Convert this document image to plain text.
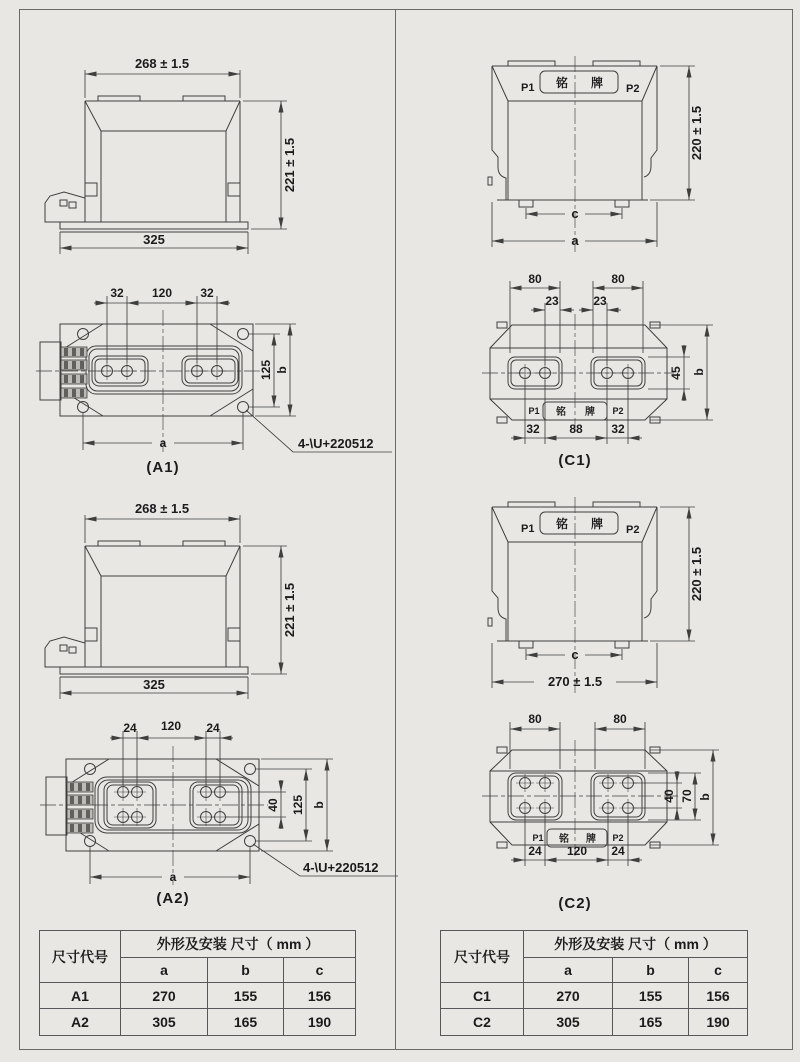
268 ± 1.5
221 ± 1.5
325
32 120 32
125 b
a	4-\U+220512
(A1)
268 ± 1.5
221 ± 1.5
325
24 120 24
40 125 b
a
4-\U+220512
(A2)
P1	P2
铭 牌
c
a
220 ± 1.5
铭 牌
P1	P2
80	80
23	23
45 b
32 88 32
(C1)
P1	P2
铭 牌
c
270 ± 1.5
220 ± 1.5
铭 牌
P1	P2
80	80
40 70 b
24 120 24
(C2)
尺寸代号	外形及安装 尺寸（ mm ）		
	a	b	c
A1	270	155	156
A2	305	165	190
尺寸代号	外形及安装 尺寸（ mm ）		
	a	b	c
C1	270	155	156
C2	305	165	190
